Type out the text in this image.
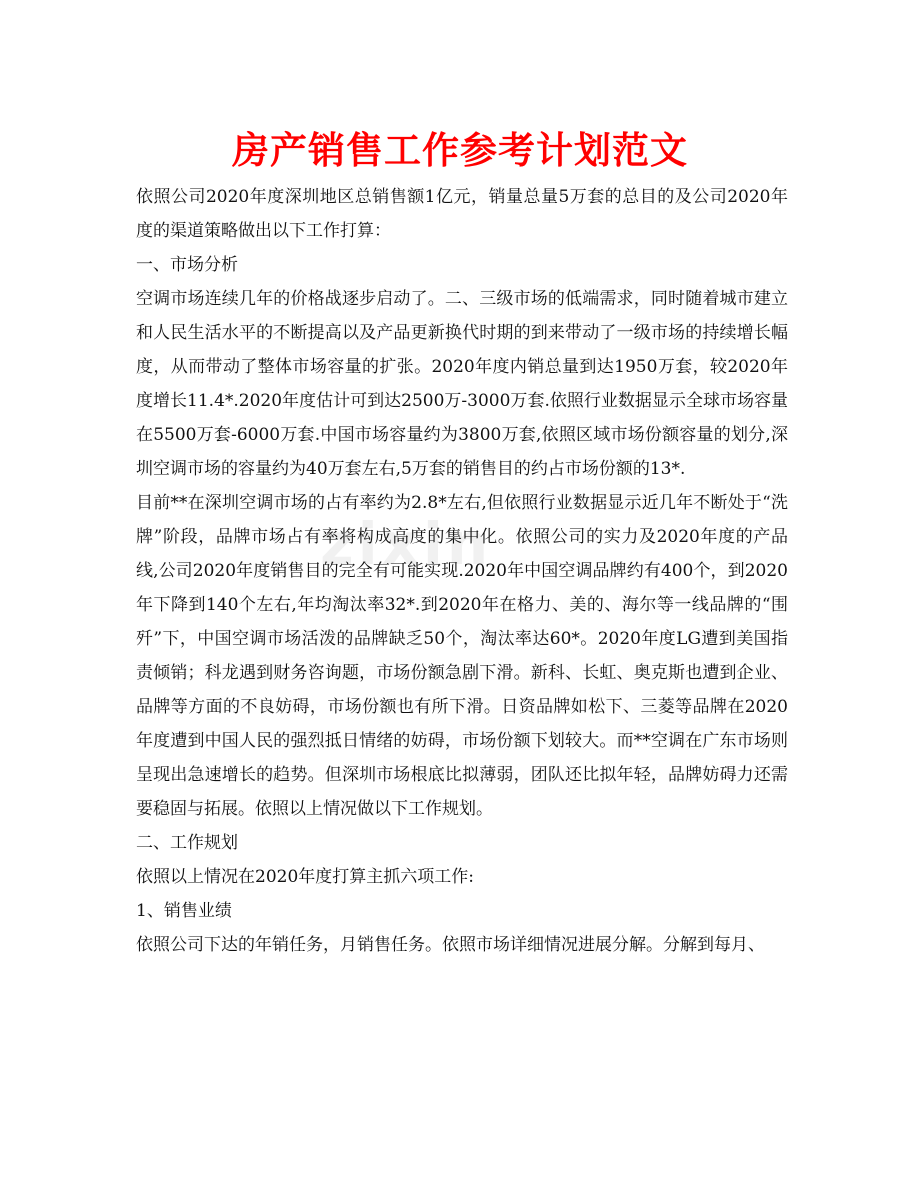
zixin
房产销售工作参考计划范文

依照公司2020年度深圳地区总销售额1亿元，销量总量5万套的总目的及公司2020年度的渠道策略做出以下工作打算：

一、市场分析

空调市场连续几年的价格战逐步启动了。二、三级市场的低端需求，同时随着城市建立和人民生活水平的不断提高以及产品更新换代时期的到来带动了一级市场的持续增长幅度，从而带动了整体市场容量的扩张。2020年度内销总量到达1950万套，较2020年度增长11.4*.2020年度估计可到达2500万-3000万套.依照行业数据显示全球市场容量在5500万套-6000万套.中国市场容量约为3800万套,依照区域市场份额容量的划分,深圳空调市场的容量约为40万套左右,5万套的销售目的约占市场份额的13*.

目前**在深圳空调市场的占有率约为2.8*左右,但依照行业数据显示近几年不断处于“洗牌”阶段，品牌市场占有率将构成高度的集中化。依照公司的实力及2020年度的产品线,公司2020年度销售目的完全有可能实现.2020年中国空调品牌约有400个，到2020年下降到140个左右,年均淘汰率32*.到2020年在格力、美的、海尔等一线品牌的“围歼”下，中国空调市场活泼的品牌缺乏50个，淘汰率达60*。2020年度LG遭到美国指责倾销；科龙遇到财务咨询题，市场份额急剧下滑。新科、长虹、奥克斯也遭到企业、品牌等方面的不良妨碍，市场份额也有所下滑。日资品牌如松下、三菱等品牌在2020年度遭到中国人民的强烈抵日情绪的妨碍，市场份额下划较大。而**空调在广东市场则呈现出急速增长的趋势。但深圳市场根底比拟薄弱，团队还比拟年轻，品牌妨碍力还需要稳固与拓展。依照以上情况做以下工作规划。

二、工作规划

依照以上情况在2020年度打算主抓六项工作:

1、销售业绩

依照公司下达的年销任务，月销售任务。依照市场详细情况进展分解。分解到每月、
